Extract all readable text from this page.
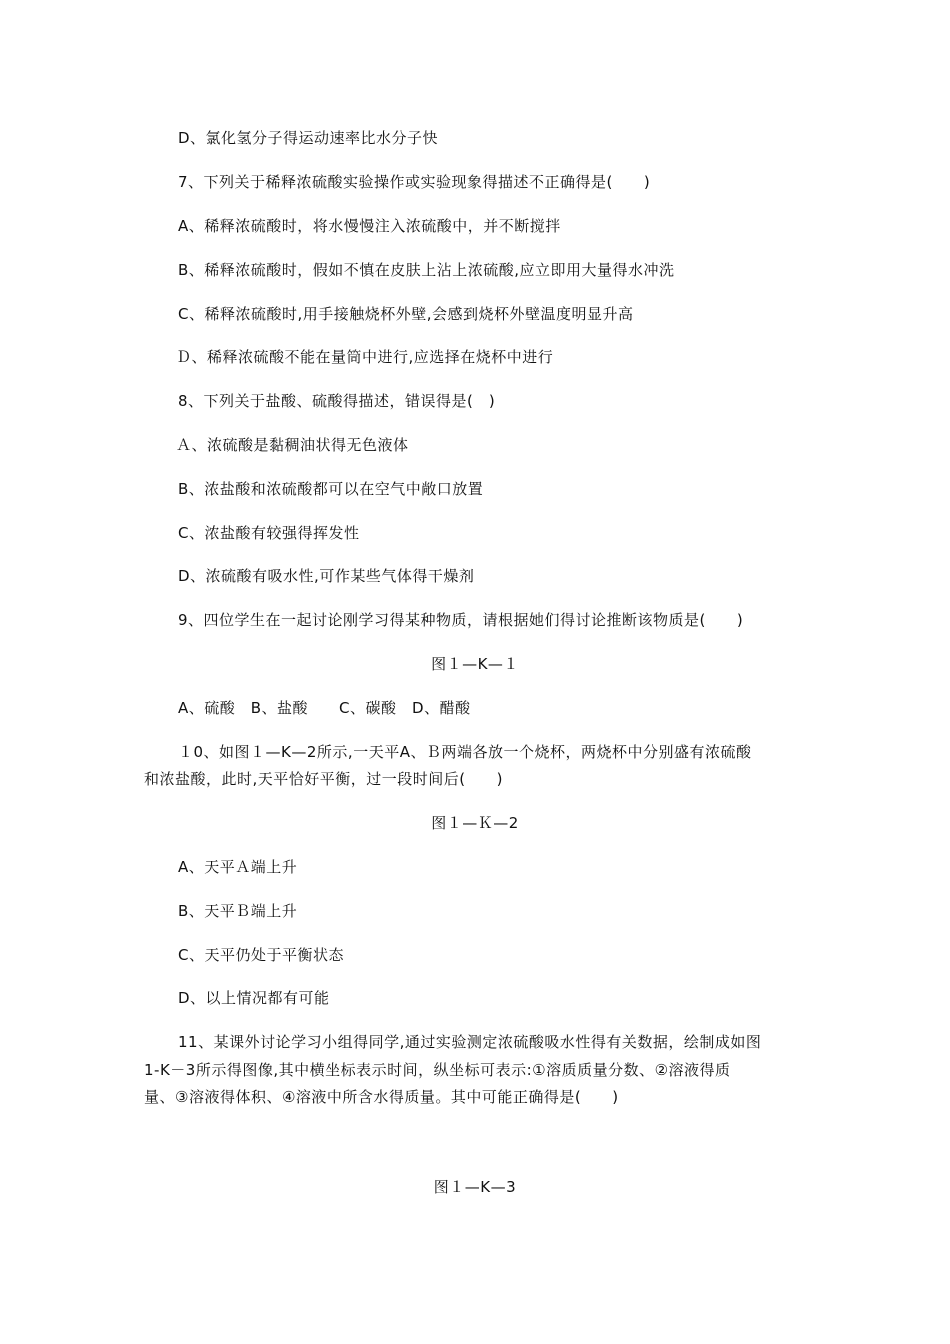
D、氯化氢分子得运动速率比水分子快
7、下列关于稀释浓硫酸实验操作或实验现象得描述不正确得是(　　)
A、稀释浓硫酸时，将水慢慢注入浓硫酸中，并不断搅拌
B、稀释浓硫酸时，假如不慎在皮肤上沾上浓硫酸,应立即用大量得水冲洗
C、稀释浓硫酸时,用手接触烧杯外壁,会感到烧杯外壁温度明显升高
Ｄ、稀释浓硫酸不能在量筒中进行,应选择在烧杯中进行
8、下列关于盐酸、硫酸得描述，错误得是(　)
Ａ、浓硫酸是黏稠油状得无色液体
B、浓盐酸和浓硫酸都可以在空气中敞口放置
C、浓盐酸有较强得挥发性
D、浓硫酸有吸水性,可作某些气体得干燥剂
9、四位学生在一起讨论刚学习得某种物质，请根据她们得讨论推断该物质是(　　)
图１—K—１
A、硫酸　B、盐酸　　C、碳酸　D、醋酸
１0、如图１—K—2所示,一天平A、Ｂ两端各放一个烧杯，两烧杯中分别盛有浓硫酸
和浓盐酸，此时,天平恰好平衡，过一段时间后(　　)
图１—Ｋ—2
A、天平Ａ端上升
B、天平Ｂ端上升
C、天平仍处于平衡状态
D、以上情况都有可能
11、某课外讨论学习小组得同学,通过实验测定浓硫酸吸水性得有关数据，绘制成如图
1-K－3所示得图像,其中横坐标表示时间，纵坐标可表示:①溶质质量分数、②溶液得质
量、③溶液得体积、④溶液中所含水得质量。其中可能正确得是(　　)
图１—K—3
